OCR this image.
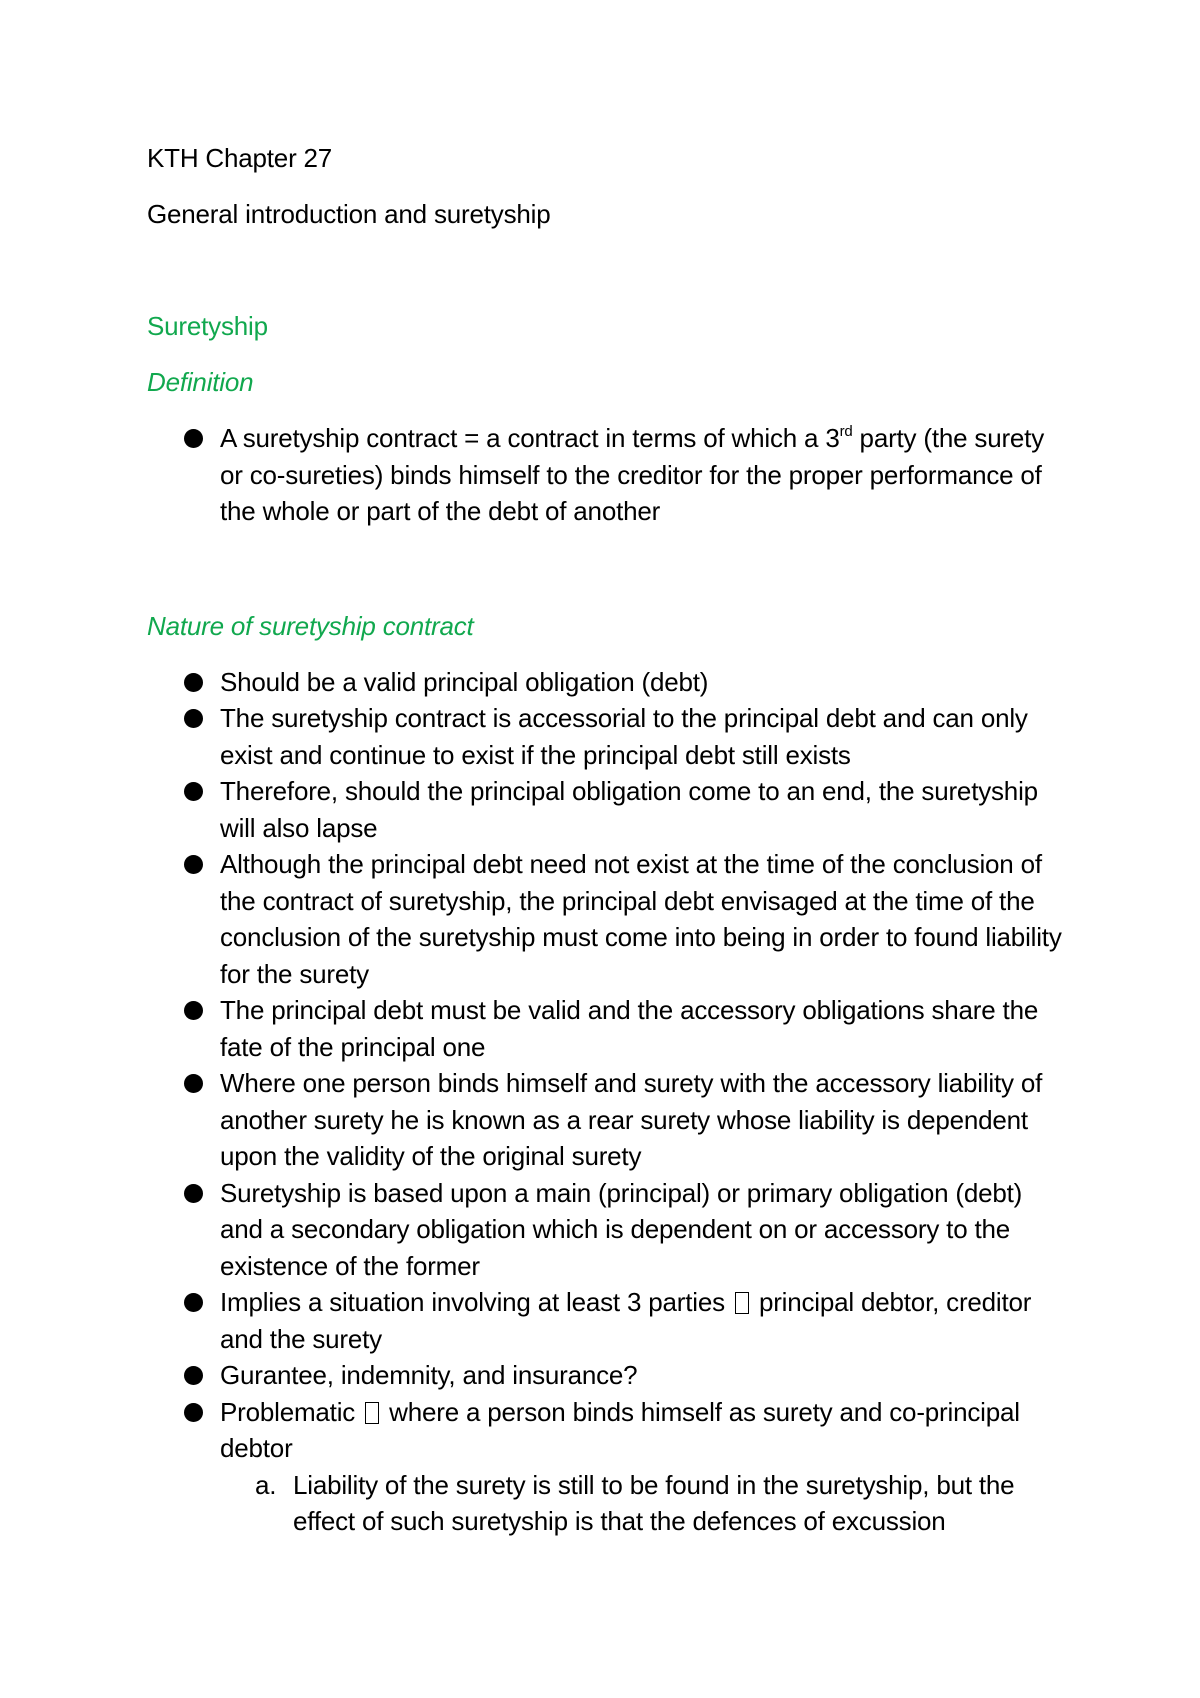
KTH Chapter 27

General introduction and suretyship

Suretyship

Definition

A suretyship contract = a contract in terms of which a 3rd party (the surety or co-sureties) binds himself to the creditor for the proper performance of the whole or part of the debt of another

Nature of suretyship contract

Should be a valid principal obligation (debt)
The suretyship contract is accessorial to the principal debt and can only exist and continue to exist if the principal debt still exists
Therefore, should the principal obligation come to an end, the suretyship will also lapse
Although the principal debt need not exist at the time of the conclusion of the contract of suretyship, the principal debt envisaged at the time of the conclusion of the suretyship must come into being in order to found liability for the surety
The principal debt must be valid and the accessory obligations share the fate of the principal one
Where one person binds himself and surety with the accessory liability of another surety he is known as a rear surety whose liability is dependent upon the validity of the original surety
Suretyship is based upon a main (principal) or primary obligation (debt) and a secondary obligation which is dependent on or accessory to the existence of the former
Implies a situation involving at least 3 parties principal debtor, creditor and the surety
Gurantee, indemnity, and insurance?
Problematic where a person binds himself as surety and co-principal debtor
a. Liability of the surety is still to be found in the suretyship, but the effect of such suretyship is that the defences of excussion
